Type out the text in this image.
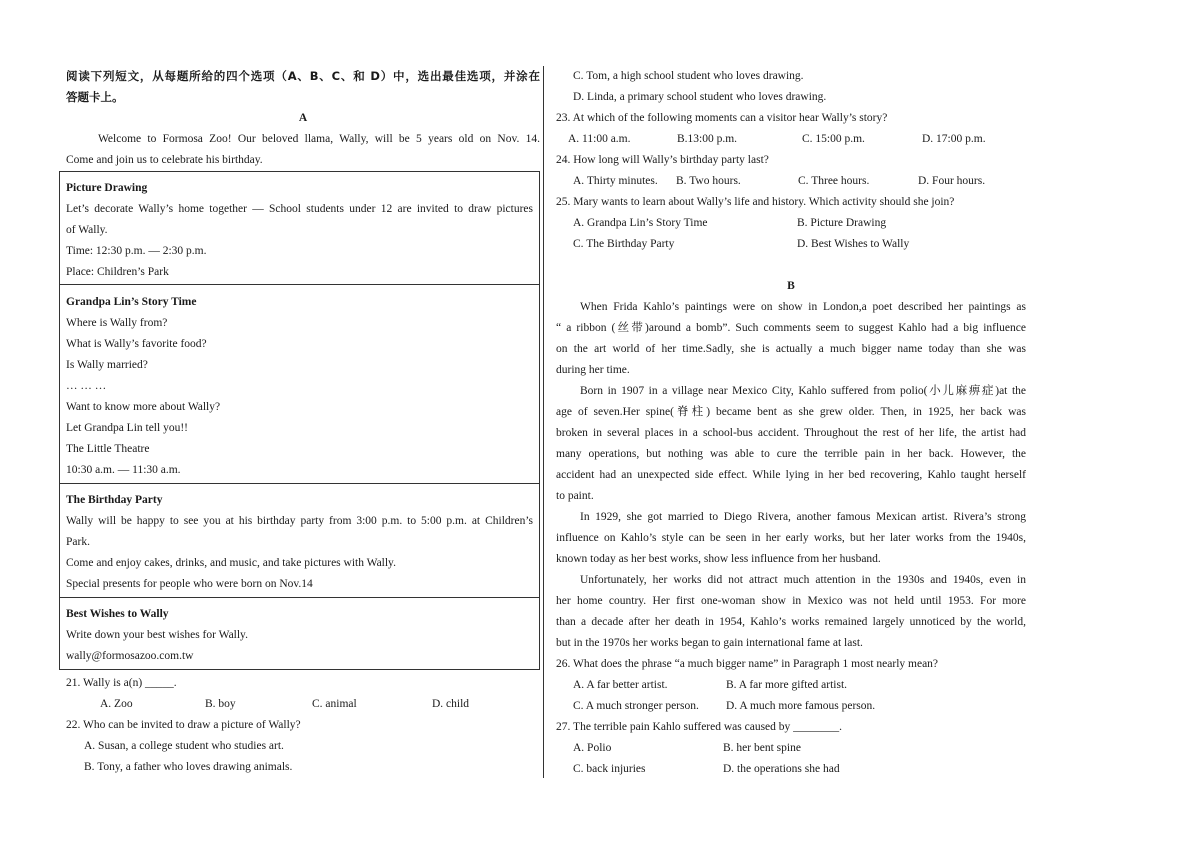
阅读下列短文，从每题所给的四个选项（A、B、C、和 D）中，选出最佳选项，并涂在
答题卡上。
A
Welcome to Formosa Zoo! Our beloved llama, Wally, will be 5 years old on Nov. 14.
Come and join us to celebrate his birthday.
Picture Drawing
Let’s decorate Wally’s home together — School students under 12 are invited to draw pictures
of Wally.
Time: 12:30 p.m. — 2:30 p.m.
Place: Children’s Park
Grandpa Lin’s Story Time
Where is Wally from?
What is Wally’s favorite food?
Is Wally married?
… … …
Want to know more about Wally?
Let Grandpa Lin tell you!!
The Little Theatre
10:30 a.m. — 11:30 a.m.
The Birthday Party
Wally will be happy to see you at his birthday party from 3:00 p.m. to 5:00 p.m. at Children’s
Park.
Come and enjoy cakes, drinks, and music, and take pictures with Wally.
Special presents for people who were born on Nov.14
Best Wishes to Wally
Write down your best wishes for Wally.
wally@formosazoo.com.tw
21. Wally is a(n) _____.
A. Zoo	B. boy	C. animal	D. child
22. Who can be invited to draw a picture of Wally?
A. Susan, a college student who studies art.
B. Tony, a father who loves drawing animals.
C. Tom, a high school student who loves drawing.
D. Linda, a primary school student who loves drawing.
23. At which of the following moments can a visitor hear Wally’s story?
A. 11:00 a.m.	B.13:00 p.m.	C. 15:00 p.m.	D. 17:00 p.m.
24. How long will Wally’s birthday party last?
A. Thirty minutes.	B. Two hours.	C. Three hours.	D. Four hours.
25. Mary wants to learn about Wally’s life and history. Which activity should she join?
A. Grandpa Lin’s Story Time	B. Picture Drawing
C. The Birthday Party	D. Best Wishes to Wally
B
When Frida Kahlo’s paintings were on show in London,a poet described her paintings as
“ a ribbon (丝带)around a bomb”. Such comments seem to suggest Kahlo had a big influence
on the art world of her time.Sadly, she is actually a much bigger name today than she was
during her time.
Born in 1907 in a village near Mexico City, Kahlo suffered from polio(小儿麻痹症)at the
age of seven.Her spine(脊柱) became bent as she grew older. Then, in 1925, her back was
broken in several places in a school-bus accident. Throughout the rest of her life, the artist had
many operations, but nothing was able to cure the terrible pain in her back. However, the
accident had an unexpected side effect. While lying in her bed recovering, Kahlo taught herself
to paint.
In 1929, she got married to Diego Rivera, another famous Mexican artist. Rivera’s strong
influence on Kahlo’s style can be seen in her early works, but her later works from the 1940s,
known today as her best works, show less influence from her husband.
Unfortunately, her works did not attract much attention in the 1930s and 1940s, even in
her home country. Her first one-woman show in Mexico was not held until 1953. For more
than a decade after her death in 1954, Kahlo’s works remained largely unnoticed by the world,
but in the 1970s her works began to gain international fame at last.
26. What does the phrase “a much bigger name” in Paragraph 1 most nearly mean?
A. A far better artist.	B. A far more gifted artist.
C. A much stronger person.	D. A much more famous person.
27. The terrible pain Kahlo suffered was caused by ________.
A. Polio	B. her bent spine
C. back injuries	D. the operations she had
